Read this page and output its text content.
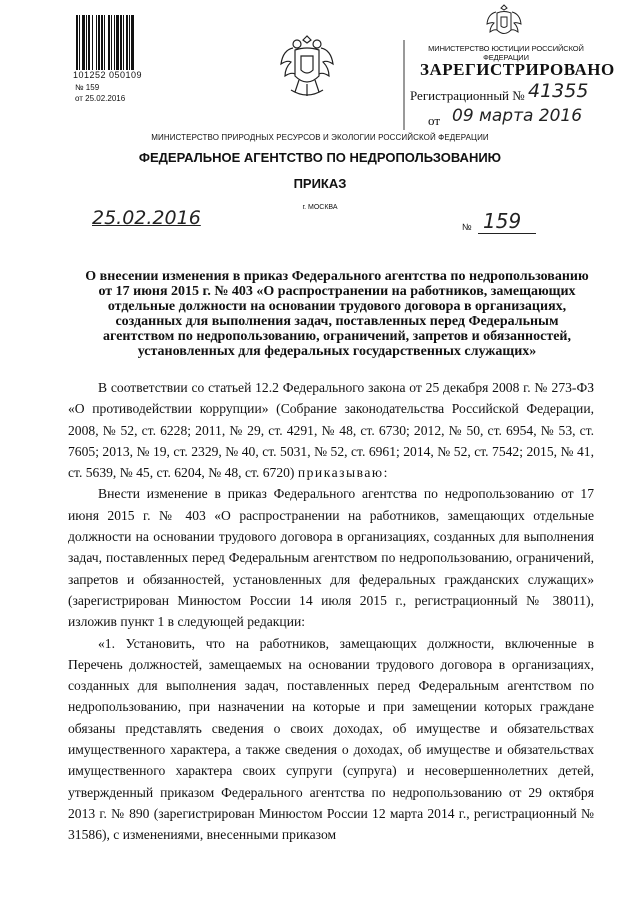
101252 050109
№ 159
от 25.02.2016
МИНИСТЕРСТВО ЮСТИЦИИ РОССИЙСКОЙ ФЕДЕРАЦИИ
ЗАРЕГИСТРИРОВАНО
Регистрационный № 41355
от 09 марта 2016
МИНИСТЕРСТВО ПРИРОДНЫХ РЕСУРСОВ И ЭКОЛОГИИ РОССИЙСКОЙ ФЕДЕРАЦИИ
ФЕДЕРАЛЬНОЕ АГЕНТСТВО ПО НЕДРОПОЛЬЗОВАНИЮ
ПРИКАЗ
г. МОСКВА
25.02.2016	№ 159
О внесении изменения в приказ Федерального агентства по недропользованию от 17 июня 2015 г. № 403 «О распространении на работников, замещающих отдельные должности на основании трудового договора в организациях, созданных для выполнения задач, поставленных перед Федеральным агентством по недропользованию, ограничений, запретов и обязанностей, установленных для федеральных государственных служащих»

В соответствии со статьей 12.2 Федерального закона от 25 декабря 2008 г. № 273-ФЗ «О противодействии коррупции» (Собрание законодательства Российской Федерации, 2008, № 52, ст. 6228; 2011, № 29, ст. 4291, № 48, ст. 6730; 2012, № 50, ст. 6954, № 53, ст. 7605; 2013, № 19, ст. 2329, № 40, ст. 5031, № 52, ст. 6961; 2014, № 52, ст. 7542; 2015, № 41, ст. 5639, № 45, ст. 6204, № 48, ст. 6720) приказываю:

Внести изменение в приказ Федерального агентства по недропользованию от 17 июня 2015 г. № 403 «О распространении на работников, замещающих отдельные должности на основании трудового договора в организациях, созданных для выполнения задач, поставленных перед Федеральным агентством по недропользованию, ограничений, запретов и обязанностей, установленных для федеральных гражданских служащих» (зарегистрирован Минюстом России 14 июля 2015 г., регистрационный № 38011), изложив пункт 1 в следующей редакции:

«1. Установить, что на работников, замещающих должности, включенные в Перечень должностей, замещаемых на основании трудового договора в организациях, созданных для выполнения задач, поставленных перед Федеральным агентством по недропользованию, при назначении на которые и при замещении которых граждане обязаны представлять сведения о своих доходах, об имуществе и обязательствах имущественного характера, а также сведения о доходах, об имуществе и обязательствах имущественного характера своих супруги (супруга) и несовершеннолетних детей, утвержденный приказом Федерального агентства по недропользованию от 29 октября 2013 г. № 890 (зарегистрирован Минюстом России 12 марта 2014 г., регистрационный № 31586), с изменениями, внесенными приказом
